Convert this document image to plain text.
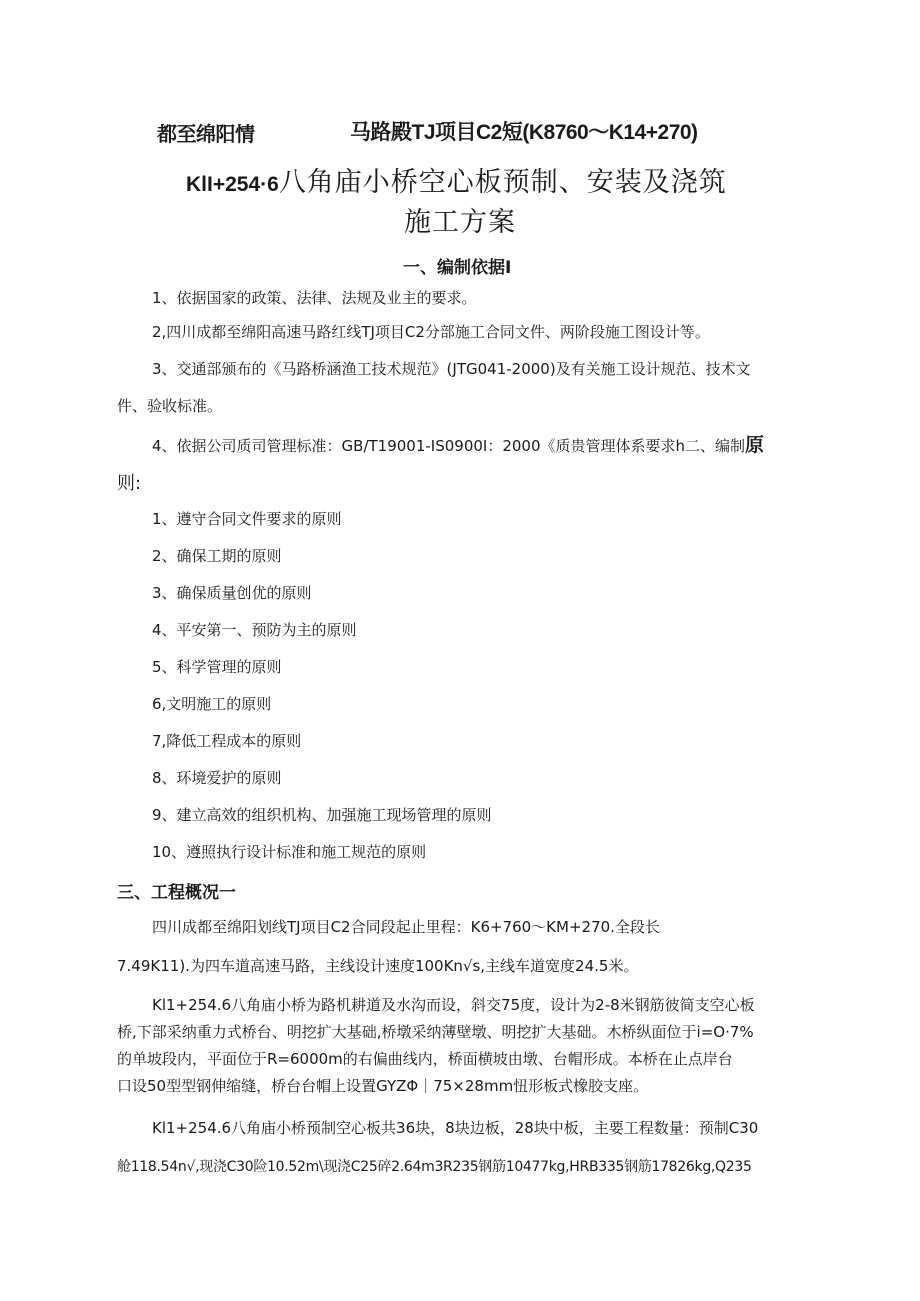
都至绵阳情	马路殿TJ项目C2短(K8760～K14+270)
KlI+254·6八角庙小桥空心板预制、安装及浇筑
施工方案
一、编制依据I
1、依据国家的政策、法律、法规及业主的要求。
2,四川成都至绵阳高速马路红线TJ项目C2分部施工合同文件、两阶段施工图设计等。
3、交通部颁布的《马路桥涵渔工技术规范》(JTG041-2000)及有关施工设计规范、技术文
件、验收标准。
4、依据公司质司管理标准：GB/T19001-IS0900I：2000《质贵管理体系要求h二、编制原
则:
1、遵守合同文件要求的原则
2、确保工期的原则
3、确保质量创优的原则
4、平安第一、预防为主的原则
5、科学管理的原则
6,文明施工的原则
7,降低工程成本的原则
8、环境爱护的原则
9、建立高效的组织机构、加强施工现场管理的原则
10、遵照执行设计标准和施工规范的原则
三、工程概况一
四川成都至绵阳划线TJ项目C2合同段起止里程：K6+760～KM+270.全段长
7.49K11).为四车道高速马路，主线设计速度100Kn√s,主线车道宽度24.5米。
Kl1+254.6八角庙小桥为路机耕道及水沟而设，斜交75度，设计为2-8米钢筋彼简支空心板
桥,下部采纳重力式桥台、明挖扩大基础,桥墩采纳薄壁墩、明挖扩大基础。木桥纵面位于i=O·7%
的单坡段内，平面位于R=6000m的右偏曲线内，桥面横坡由墩、台帽形成。本桥在止点岸台
口设50型型钢伸缩缝，桥台台帽上设置GYZΦ｜75×28mm忸形板式橡胶支座。
Kl1+254.6八角庙小桥预制空心板共36块，8块边板，28块中板，主要工程数量：预制C30
舱118.54n√,现浇C30险10.52m\现浇C25碎2.64m3R235钢筋10477kg,HRB335钢筋17826kg,Q235
